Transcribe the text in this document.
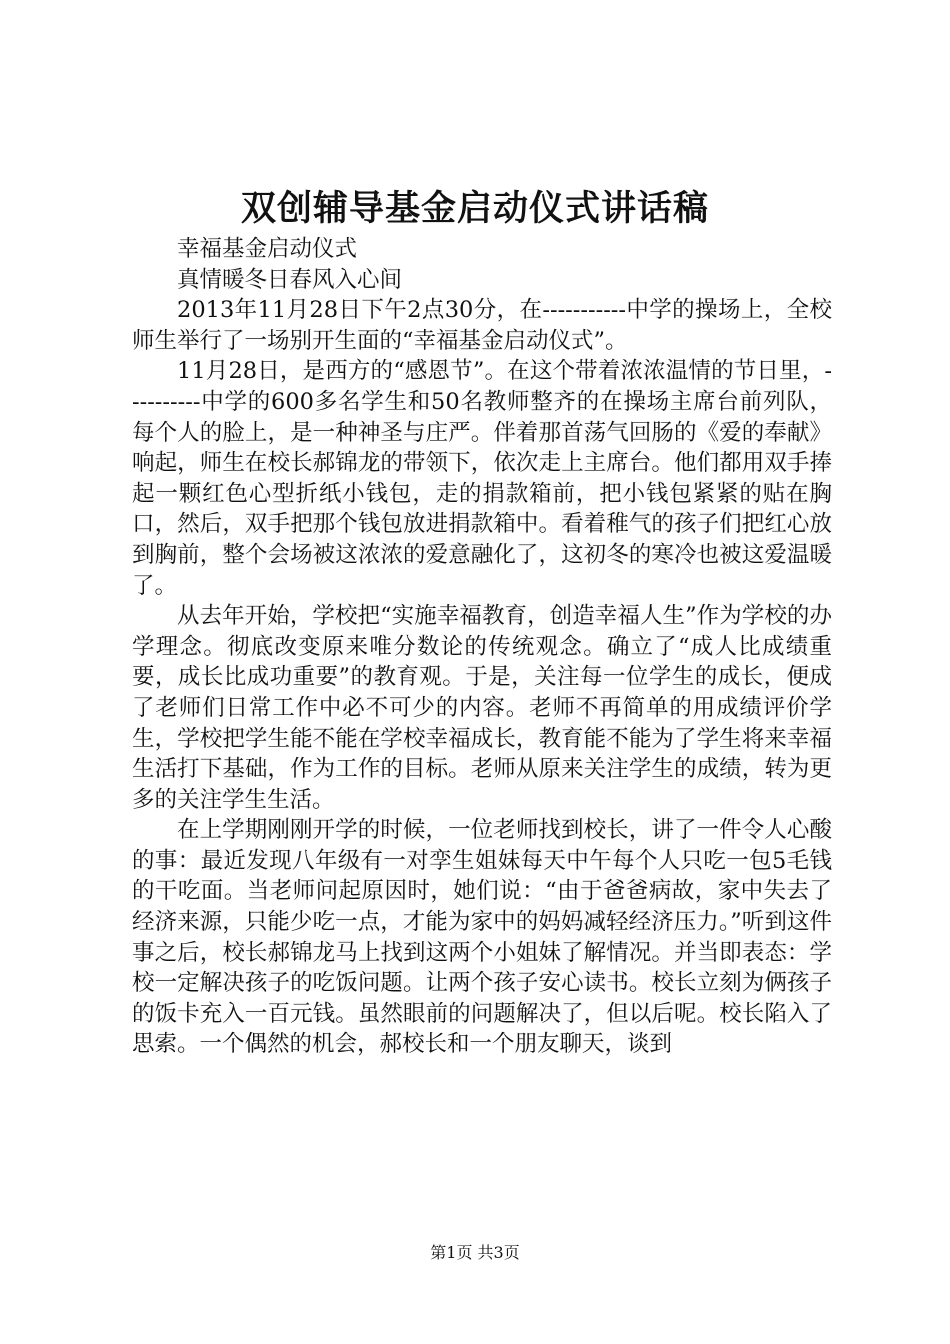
双创辅导基金启动仪式讲话稿

幸福基金启动仪式

真情暖冬日春风入心间

2013年11月28日下午2点30分，在-----------中学的操场上，全校师生举行了一场别开生面的“幸福基金启动仪式”。

11月28日，是西方的“感恩节”。在这个带着浓浓温情的节日里，----------中学的600多名学生和50名教师整齐的在操场主席台前列队，每个人的脸上，是一种神圣与庄严。伴着那首荡气回肠的《爱的奉献》响起，师生在校长郝锦龙的带领下，依次走上主席台。他们都用双手捧起一颗红色心型折纸小钱包，走的捐款箱前，把小钱包紧紧的贴在胸口，然后，双手把那个钱包放进捐款箱中。看着稚气的孩子们把红心放到胸前，整个会场被这浓浓的爱意融化了，这初冬的寒冷也被这爱温暖了。

从去年开始，学校把“实施幸福教育，创造幸福人生”作为学校的办学理念。彻底改变原来唯分数论的传统观念。确立了“成人比成绩重要，成长比成功重要”的教育观。于是，关注每一位学生的成长，便成了老师们日常工作中必不可少的内容。老师不再简单的用成绩评价学生，学校把学生能不能在学校幸福成长，教育能不能为了学生将来幸福生活打下基础，作为工作的目标。老师从原来关注学生的成绩，转为更多的关注学生生活。

在上学期刚刚开学的时候，一位老师找到校长，讲了一件令人心酸的事：最近发现八年级有一对孪生姐妹每天中午每个人只吃一包5毛钱的干吃面。当老师问起原因时，她们说：“由于爸爸病故，家中失去了经济来源，只能少吃一点，才能为家中的妈妈减轻经济压力。”听到这件事之后，校长郝锦龙马上找到这两个小姐妹了解情况。并当即表态：学校一定解决孩子的吃饭问题。让两个孩子安心读书。校长立刻为俩孩子的饭卡充入一百元钱。虽然眼前的问题解决了，但以后呢。校长陷入了思索。一个偶然的机会，郝校长和一个朋友聊天，谈到

第1页 共3页
